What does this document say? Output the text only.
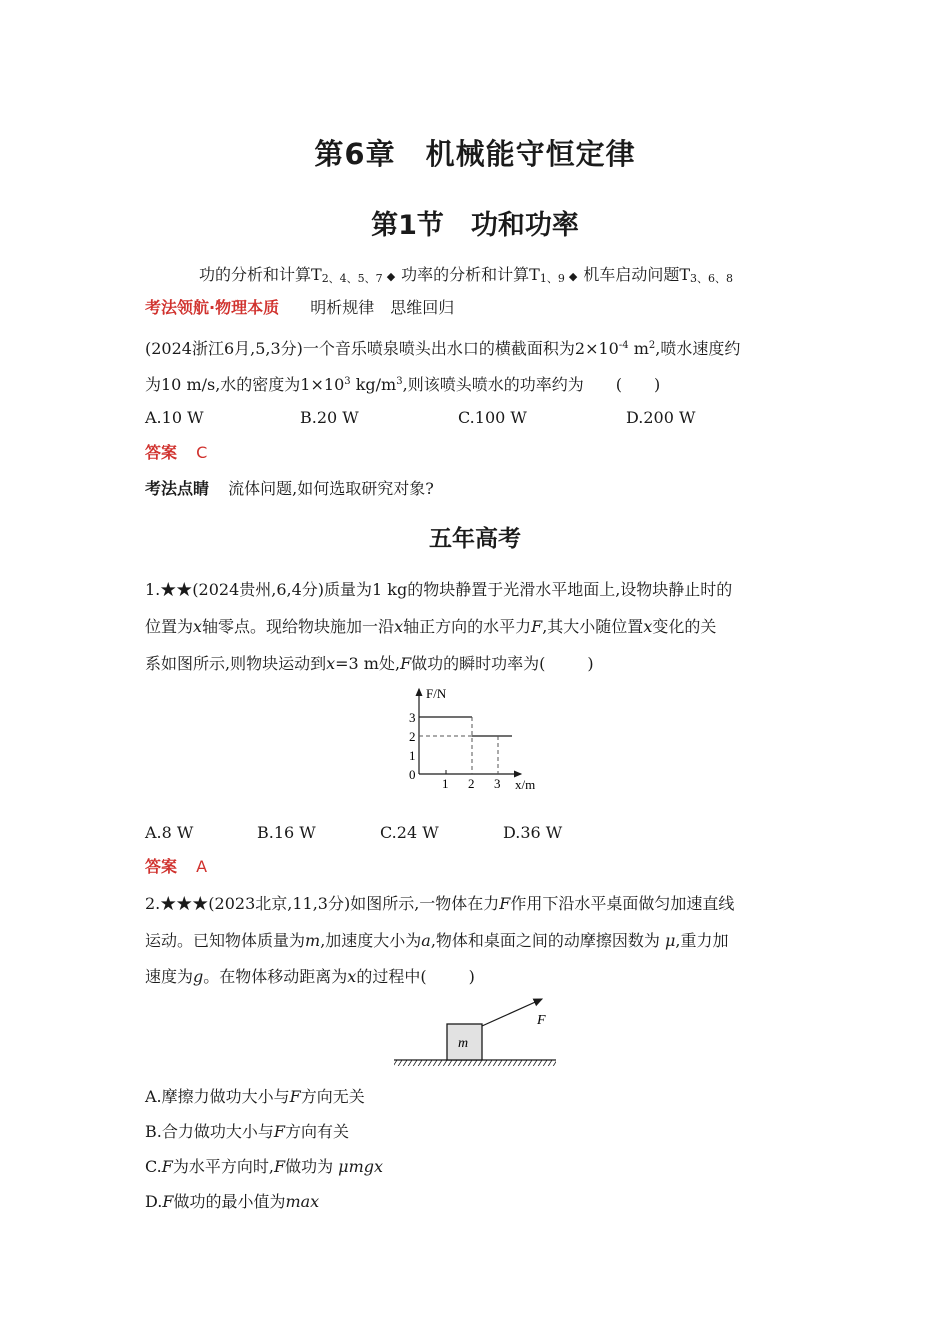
第6章　机械能守恒定律
第1节　功和功率
功的分析和计算T2、4、5、7 ◆ 功率的分析和计算T1、9 ◆ 机车启动问题T3、6、8
考法领航·物理本质 明析规律　思维回归
(2024浙江6月,5,3分)一个音乐喷泉喷头出水口的横截面积为$2\times 10^{-4}$ $m^2$,喷水速度约
为10 m/s,水的密度为$1\times 10^3$ $kg/m^3$,则该喷头喷水的功率约为 (　　)
A.10 W	B.20 W	C.100 W	D.200 W
答案 C
考法点睛 流体问题,如何选取研究对象?
五年高考
1.★★(2024贵州,6,4分)质量为1 kg的物块静置于光滑水平地面上,设物块静止时的
位置为x轴零点。现给物块施加一沿x轴正方向的水平力F,其大小随位置x变化的关
系如图所示,则物块运动到x=3 m处,F做功的瞬时功率为(	)
F/N
x/m
0
1
2
3
1 2 3
A.8 W	B.16 W	C.24 W	D.36 W
答案 A
2.★★★(2023北京,11,3分)如图所示,一物体在力F作用下沿水平桌面做匀加速直线
运动。已知物体质量为m,加速度大小为a,物体和桌面之间的动摩擦因数为 μ,重力加
速度为g。在物体移动距离为x的过程中(	)
m
F
A.摩擦力做功大小与F方向无关
B.合力做功大小与F方向有关
C.F为水平方向时,F做功为 μmgx
D.F做功的最小值为max
